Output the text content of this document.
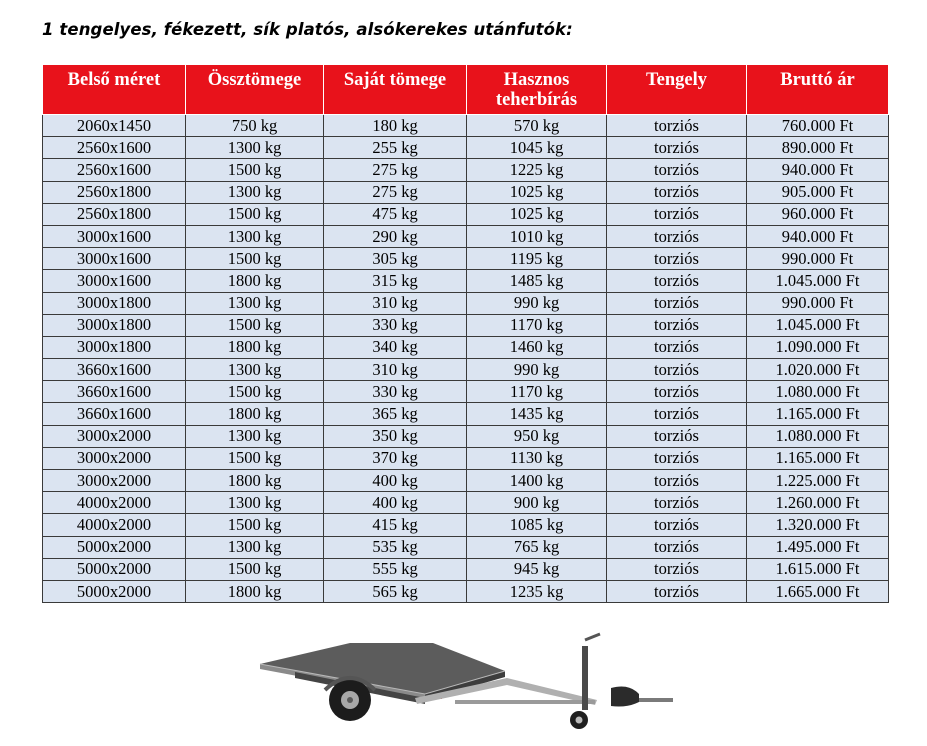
1 tengelyes, fékezett, sík platós, alsókerekes utánfutók:
Belső méret	Össztömege	Saját tömege	Hasznos teherbírás	Tengely	Bruttó ár
2060x1450	750 kg	180 kg	570 kg	torziós	760.000 Ft
2560x1600	1300 kg	255 kg	1045 kg	torziós	890.000 Ft
2560x1600	1500 kg	275 kg	1225 kg	torziós	940.000 Ft
2560x1800	1300 kg	275 kg	1025 kg	torziós	905.000 Ft
2560x1800	1500 kg	475 kg	1025 kg	torziós	960.000 Ft
3000x1600	1300 kg	290 kg	1010 kg	torziós	940.000 Ft
3000x1600	1500 kg	305 kg	1195 kg	torziós	990.000 Ft
3000x1600	1800 kg	315 kg	1485 kg	torziós	1.045.000 Ft
3000x1800	1300 kg	310 kg	990 kg	torziós	990.000 Ft
3000x1800	1500 kg	330 kg	1170 kg	torziós	1.045.000 Ft
3000x1800	1800 kg	340 kg	1460 kg	torziós	1.090.000 Ft
3660x1600	1300 kg	310 kg	990 kg	torziós	1.020.000 Ft
3660x1600	1500 kg	330 kg	1170 kg	torziós	1.080.000 Ft
3660x1600	1800 kg	365 kg	1435 kg	torziós	1.165.000 Ft
3000x2000	1300 kg	350 kg	950 kg	torziós	1.080.000 Ft
3000x2000	1500 kg	370 kg	1130 kg	torziós	1.165.000 Ft
3000x2000	1800 kg	400 kg	1400 kg	torziós	1.225.000 Ft
4000x2000	1300 kg	400 kg	900 kg	torziós	1.260.000 Ft
4000x2000	1500 kg	415 kg	1085 kg	torziós	1.320.000 Ft
5000x2000	1300 kg	535 kg	765 kg	torziós	1.495.000 Ft
5000x2000	1500 kg	555 kg	945 kg	torziós	1.615.000 Ft
5000x2000	1800 kg	565 kg	1235 kg	torziós	1.665.000 Ft
